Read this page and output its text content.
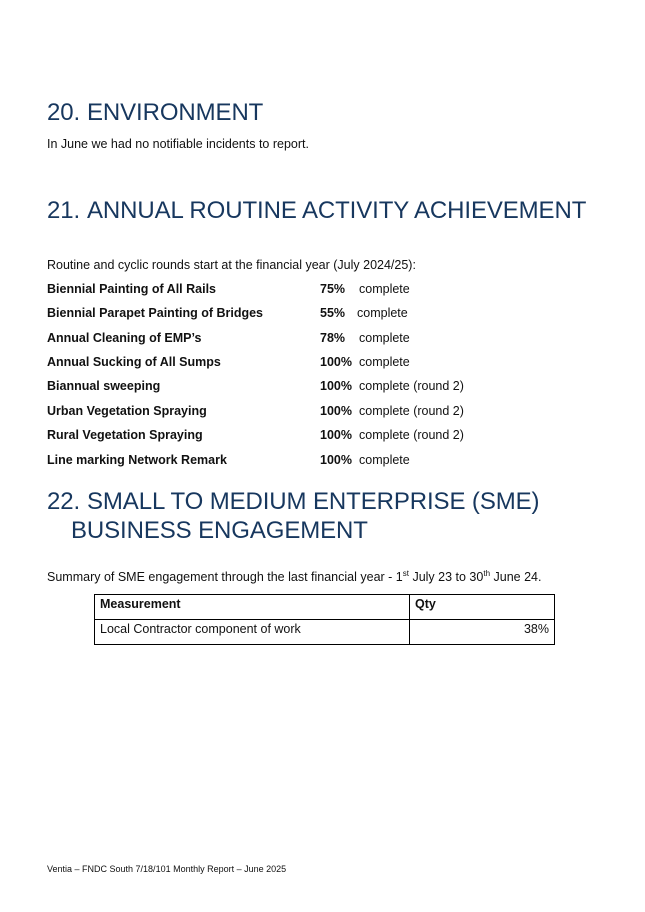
20. ENVIRONMENT

In June we had no notifiable incidents to report.

21. ANNUAL ROUTINE ACTIVITY ACHIEVEMENT

Routine and cyclic rounds start at the financial year (July 2024/25):

Biennial Painting of All Rails	75% complete
Biennial Parapet Painting of Bridges	55% complete
Annual Cleaning of EMP’s	78% complete
Annual Sucking of All Sumps	100% complete
Biannual sweeping	100% complete (round 2)
Urban Vegetation Spraying	100% complete (round 2)
Rural Vegetation Spraying	100% complete (round 2)
Line marking Network Remark	100% complete
22. SMALL TO MEDIUM ENTERPRISE (SME)
BUSINESS ENGAGEMENT

Summary of SME engagement through the last financial year - 1st July 23 to 30th June 24.

Measurement	Qty
Local Contractor component of work	38%

Ventia – FNDC South 7/18/101 Monthly Report – June 2025
